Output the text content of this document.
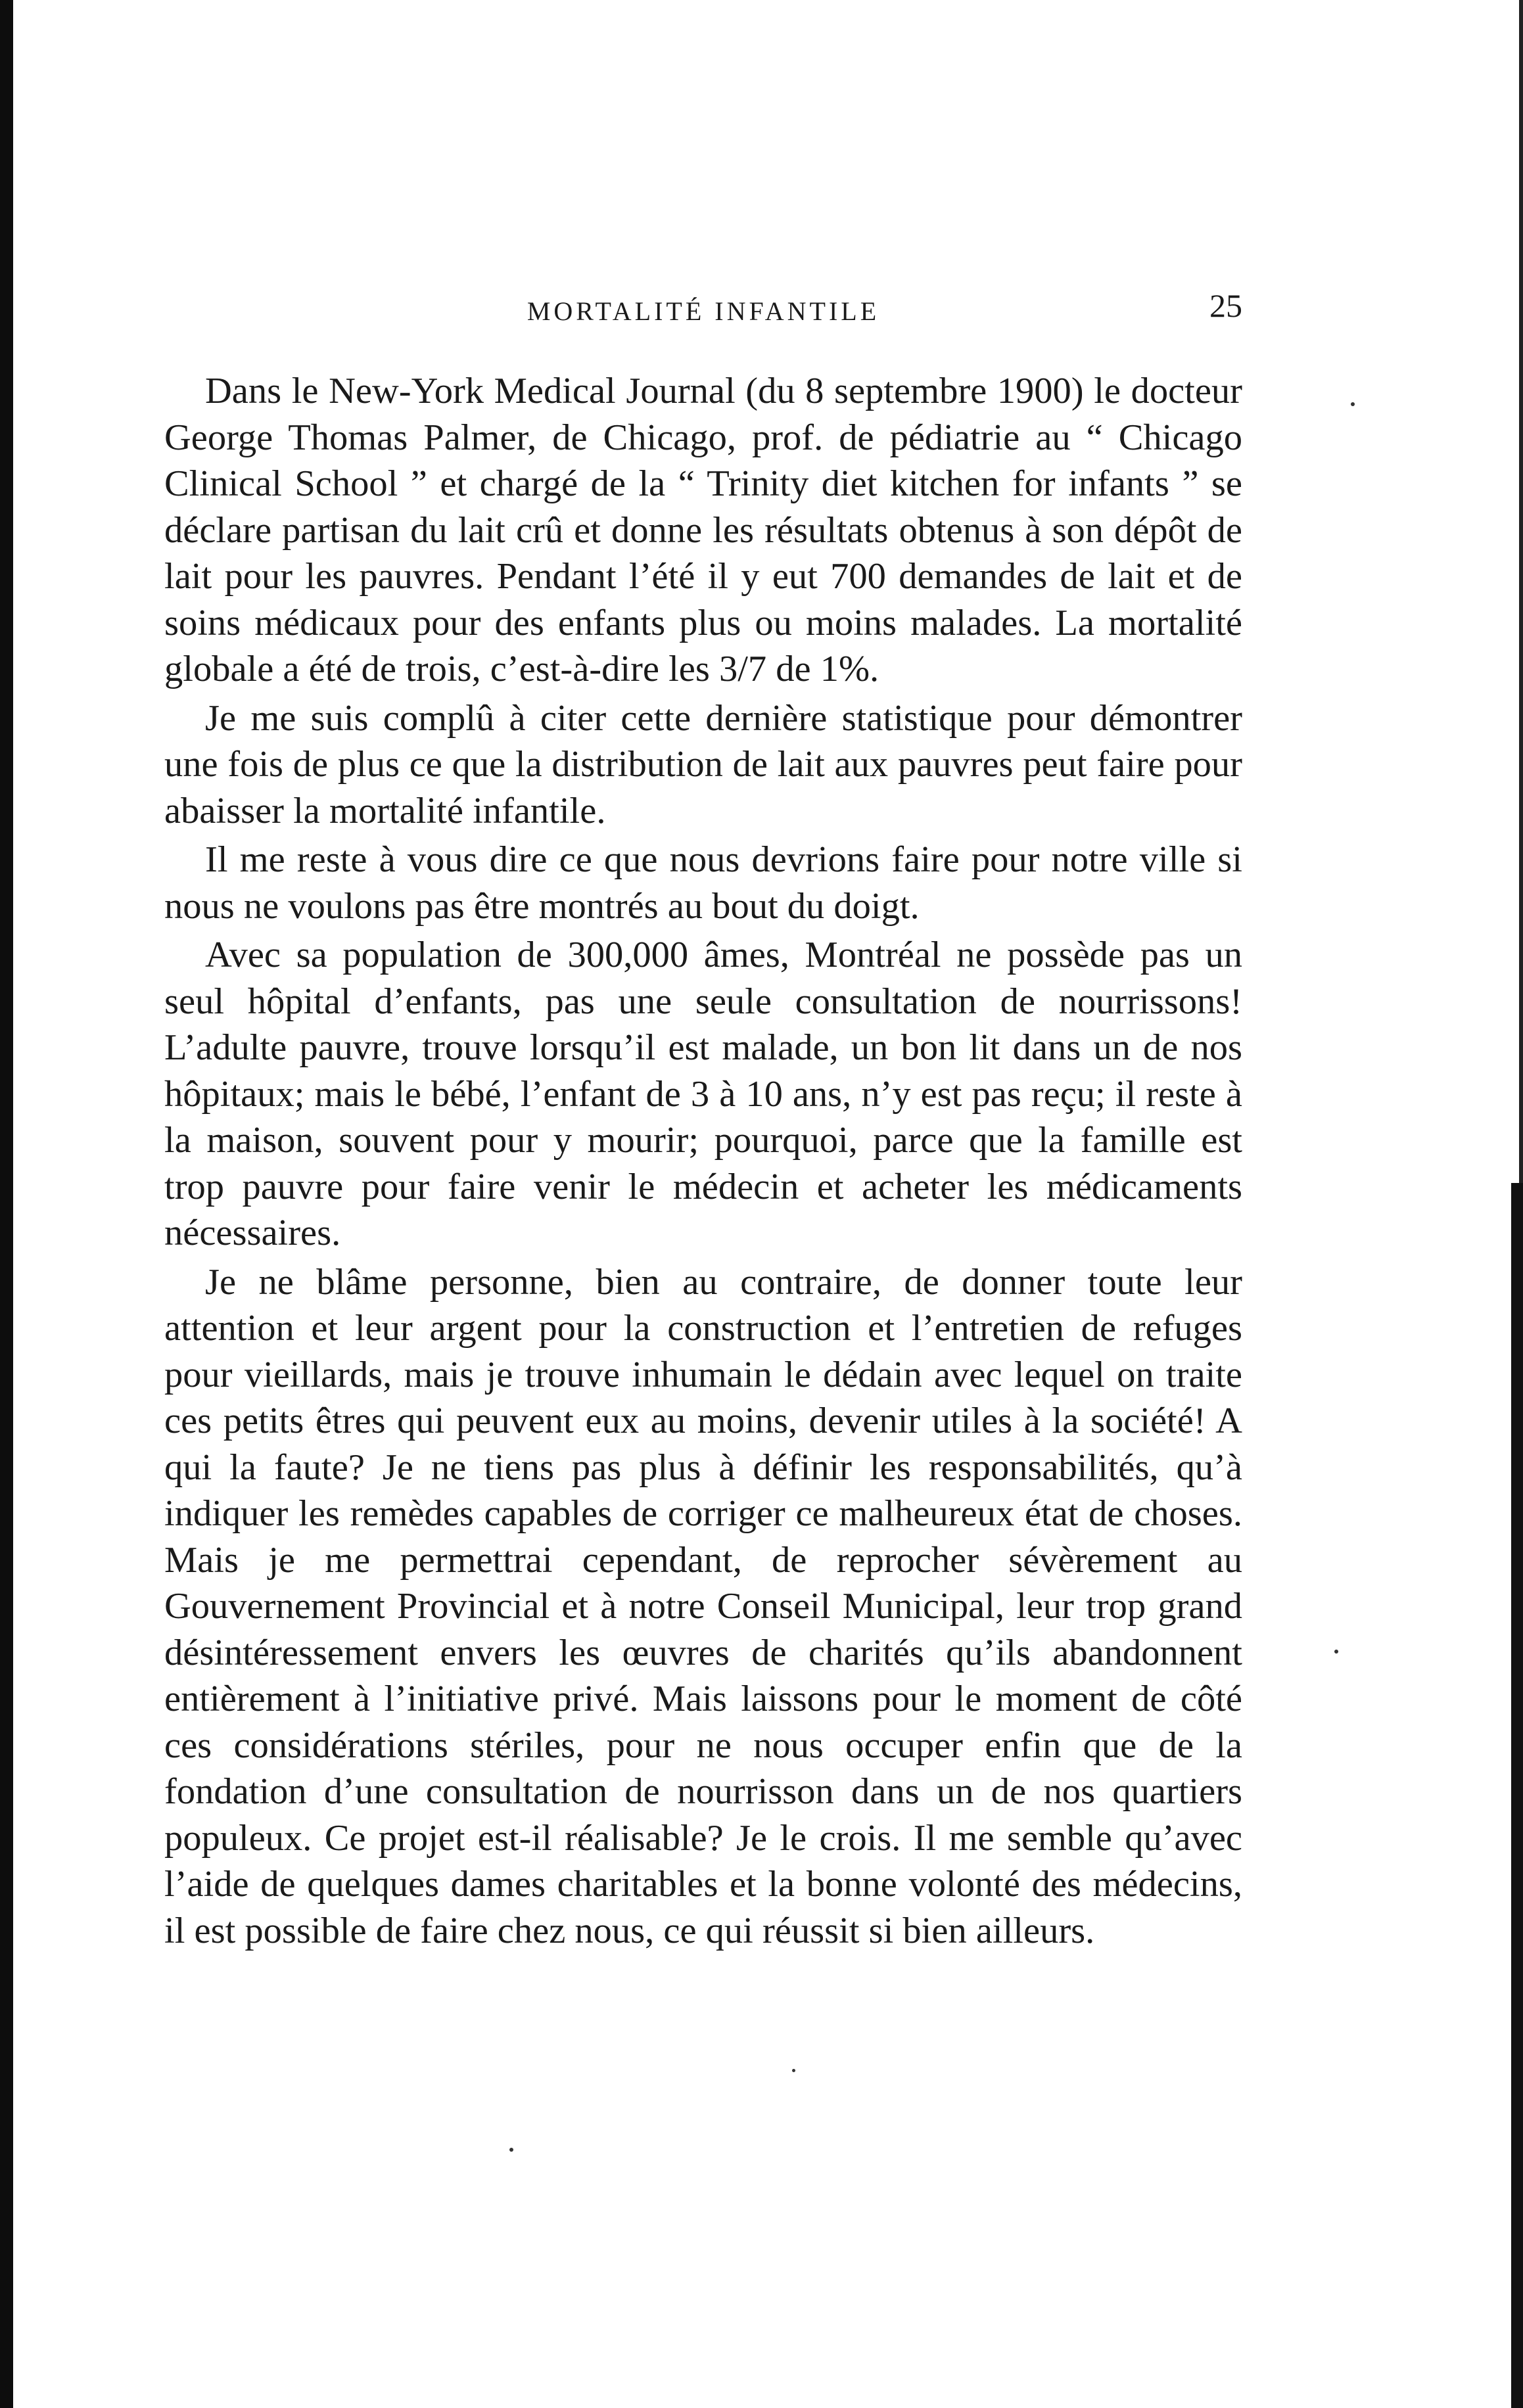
MORTALITÉ INFANTILE	25

Dans le New-York Medical Journal (du 8 septembre 1900) le docteur George Thomas Palmer, de Chicago, prof. de pédiatrie au “ Chicago Clinical School ” et chargé de la “ Trinity diet kitchen for infants ” se déclare partisan du lait crû et donne les résultats obtenus à son dépôt de lait pour les pauvres. Pendant l’été il y eut 700 demandes de lait et de soins médicaux pour des enfants plus ou moins malades. La mortalité globale a été de trois, c’est-à-dire les 3/7 de 1%.

Je me suis complû à citer cette dernière statistique pour démontrer une fois de plus ce que la distribution de lait aux pauvres peut faire pour abaisser la mortalité infantile.

Il me reste à vous dire ce que nous devrions faire pour notre ville si nous ne voulons pas être montrés au bout du doigt.

Avec sa population de 300,000 âmes, Montréal ne possède pas un seul hôpital d’enfants, pas une seule consultation de nourrissons! L’adulte pauvre, trouve lorsqu’il est malade, un bon lit dans un de nos hôpitaux; mais le bébé, l’enfant de 3 à 10 ans, n’y est pas reçu; il reste à la maison, souvent pour y mourir; pourquoi, parce que la famille est trop pauvre pour faire venir le médecin et acheter les médicaments nécessaires.

Je ne blâme personne, bien au contraire, de donner toute leur attention et leur argent pour la construction et l’entretien de refuges pour vieillards, mais je trouve inhumain le dédain avec lequel on traite ces petits êtres qui peuvent eux au moins, devenir utiles à la société! A qui la faute? Je ne tiens pas plus à définir les responsabilités, qu’à indiquer les remèdes capables de corriger ce malheureux état de choses. Mais je me permettrai cependant, de reprocher sévèrement au Gouvernement Provincial et à notre Conseil Municipal, leur trop grand désintéressement envers les œuvres de charités qu’ils abandonnent entièrement à l’initiative privé. Mais laissons pour le moment de côté ces considérations stériles, pour ne nous occuper enfin que de la fondation d’une consultation de nourrisson dans un de nos quartiers populeux. Ce projet est-il réalisable? Je le crois. Il me semble qu’avec l’aide de quelques dames charitables et la bonne volonté des médecins, il est possible de faire chez nous, ce qui réussit si bien ailleurs.
